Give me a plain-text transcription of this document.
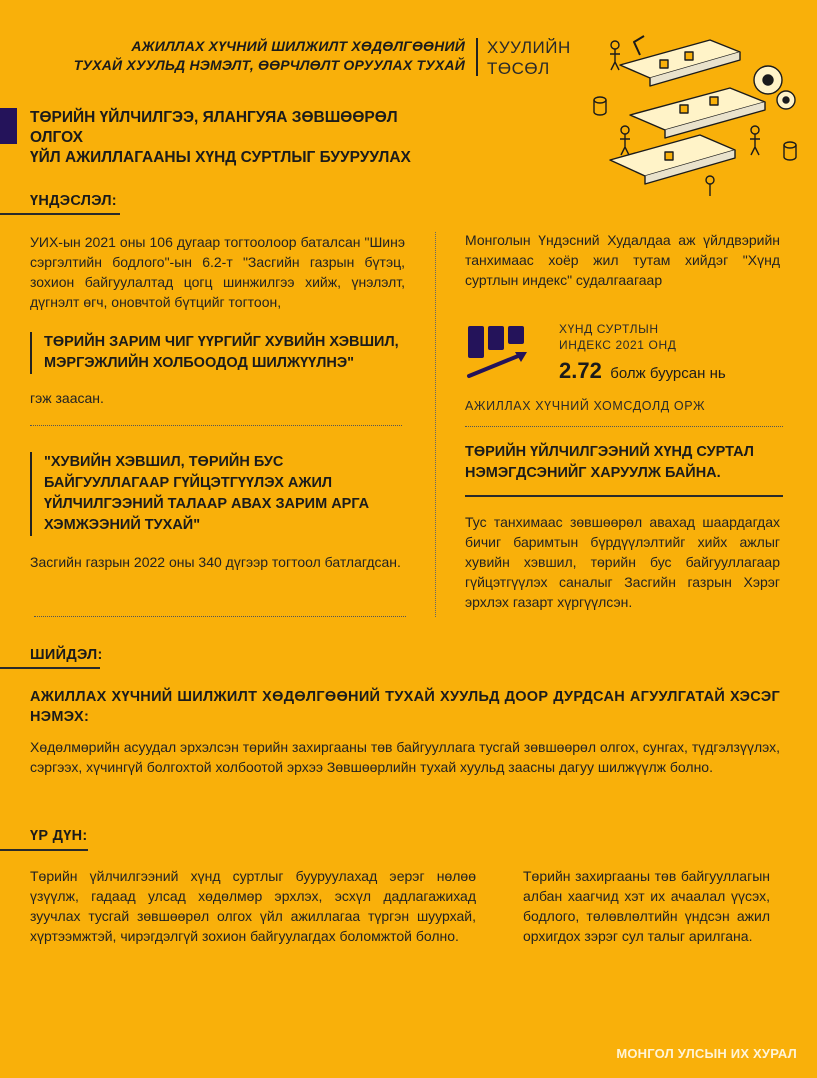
АЖИЛЛАХ ХҮЧНИЙ ШИЛЖИЛТ ХӨДӨЛГӨӨНИЙ
ТУХАЙ ХУУЛЬД НЭМЭЛТ, ӨӨРЧЛӨЛТ ОРУУЛАХ ТУХАЙ
ХУУЛИЙН
ТӨСӨЛ
ТӨРИЙН ҮЙЛЧИЛГЭЭ, ЯЛАНГУЯА ЗӨВШӨӨРӨЛ ОЛГОХ
ҮЙЛ АЖИЛЛАГААНЫ ХҮНД СУРТЛЫГ БУУРУУЛАХ
ҮНДЭСЛЭЛ:
УИХ-ын 2021 оны 106 дугаар тогтоолоор баталсан "Шинэ сэргэлтийн бодлого"-ын 6.2-т "Засгийн газрын бүтэц, зохион байгуулалтад цогц шинжилгээ хийж, үнэлэлт, дүгнэлт өгч, оновчтой бүтцийг тогтоон,
ТӨРИЙН ЗАРИМ ЧИГ ҮҮРГИЙГ ХУВИЙН ХЭВШИЛ, МЭРГЭЖЛИЙН ХОЛБООДОД ШИЛЖҮҮЛНЭ"
гэж заасан.
"ХУВИЙН ХЭВШИЛ, ТӨРИЙН БУС БАЙГУУЛЛАГААР ГҮЙЦЭТГҮҮЛЭХ АЖИЛ ҮЙЛЧИЛГЭЭНИЙ ТАЛААР АВАХ ЗАРИМ АРГА ХЭМЖЭЭНИЙ ТУХАЙ"
Засгийн газрын 2022 оны 340 дүгээр тогтоол батлагдсан.
Монголын Үндэсний Худалдаа аж үйлдвэрийн танхимаас хоёр жил тутам хийдэг "Хүнд суртлын индекс" судалгаагаар
ХҮНД СУРТЛЫН
ИНДЕКС 2021 ОНД
2.72 болж буурсан нь
АЖИЛЛАХ ХҮЧНИЙ ХОМСДОЛД ОРЖ
ТӨРИЙН ҮЙЛЧИЛГЭЭНИЙ ХҮНД СУРТАЛ НЭМЭГДСЭНИЙГ ХАРУУЛЖ БАЙНА.
Тус танхимаас зөвшөөрөл авахад шаардагдах бичиг баримтын бүрдүүлэлтийг хийх ажлыг хувийн хэвшил, төрийн бус байгууллагаар гүйцэтгүүлэх саналыг Засгийн газрын Хэрэг эрхлэх газарт хүргүүлсэн.
ШИЙДЭЛ:
АЖИЛЛАХ ХҮЧНИЙ ШИЛЖИЛТ ХӨДӨЛГӨӨНИЙ ТУХАЙ ХУУЛЬД ДООР ДУРДСАН АГУУЛГАТАЙ ХЭСЭГ НЭМЭХ:
Хөдөлмөрийн асуудал эрхэлсэн төрийн захиргааны төв байгууллага тусгай зөвшөөрөл олгох, сунгах, түдгэлзүүлэх, сэргээх, хүчингүй болгохтой холбоотой эрхээ Зөвшөөрлийн тухай хуульд заасны дагуу шилжүүлж болно.
ҮР ДҮН:
Төрийн үйлчилгээний хүнд суртлыг бууруулахад эерэг нөлөө үзүүлж, гадаад улсад хөдөлмөр эрхлэх, эсхүл дадлагажихад зуучлах тусгай зөвшөөрөл олгох үйл ажиллагаа түргэн шуурхай, хүртээмжтэй, чирэгдэлгүй зохион байгуулагдах боломжтой болно.
Төрийн захиргааны төв байгууллагын албан хаагчид хэт их ачаалал үүсэх, бодлого, төлөвлөлтийн үндсэн ажил орхигдох зэрэг сул талыг арилгана.
МОНГОЛ УЛСЫН ИХ ХУРАЛ
